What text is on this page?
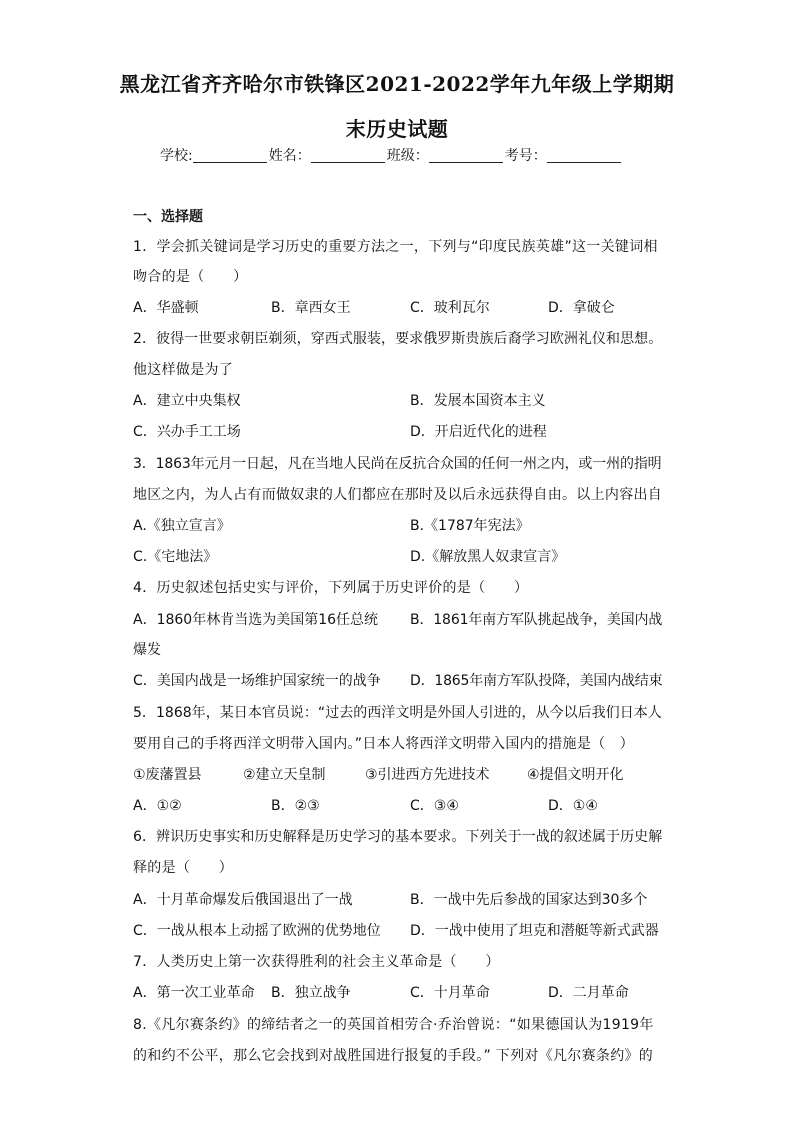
黑龙江省齐齐哈尔市铁锋区2021-2022学年九年级上学期期
末历史试题
学校:	姓名：	班级：	考号：
一、选择题
1．学会抓关键词是学习历史的重要方法之一，下列与“印度民族英雄”这一关键词相
吻合的是（　　）
A．华盛顿	B．章西女王	C．玻利瓦尔	D．拿破仑
2．彼得一世要求朝臣剃须，穿西式服装，要求俄罗斯贵族后裔学习欧洲礼仪和思想。
他这样做是为了
A．建立中央集权	B．发展本国资本主义
C．兴办手工工场	D．开启近代化的进程
3．1863年元月一日起，凡在当地人民尚在反抗合众国的任何一州之内，或一州的指明
地区之内，为人占有而做奴隶的人们都应在那时及以后永远获得自由。以上内容出自
A.《独立宣言》	B.《1787年宪法》
C.《宅地法》	D.《解放黑人奴隶宣言》
4．历史叙述包括史实与评价，下列属于历史评价的是（　　）
A．1860年林肯当选为美国第16任总统 B．1861年南方军队挑起战争，美国内战
爆发
C．美国内战是一场维护国家统一的战争 D．1865年南方军队投降，美国内战结束
5．1868年，某日本官员说：“过去的西洋文明是外国人引进的，从今以后我们日本人
要用自己的手将西洋文明带入国内。”日本人将西洋文明带入国内的措施是（　）
①废藩置县	②建立天皇制	③引进西方先进技术	④提倡文明开化
A．①②	B．②③	C．③④	D．①④
6．辨识历史事实和历史解释是历史学习的基本要求。下列关于一战的叙述属于历史解
释的是（　　）
A．十月革命爆发后俄国退出了一战	B．一战中先后参战的国家达到30多个
C．一战从根本上动摇了欧洲的优势地位 D．一战中使用了坦克和潜艇等新式武器
7．人类历史上第一次获得胜利的社会主义革命是（　　）
A．第一次工业革命 B．独立战争	C．十月革命	D．二月革命
8.《凡尔赛条约》的缔结者之一的英国首相劳合·乔治曾说：“如果德国认为1919年
的和约不公平，那么它会找到对战胜国进行报复的手段。” 下列对《凡尔赛条约》的
